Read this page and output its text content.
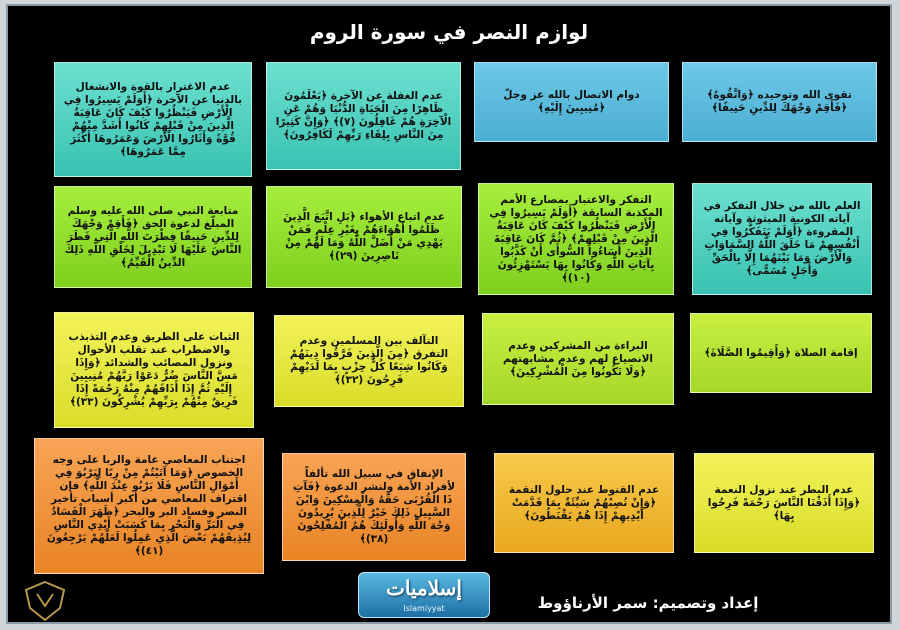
لوازم النصر في سورة الروم
تقوى الله وتوحيده ﴿وَاتَّقُوهُ﴾ ﴿فَأَقِمْ وَجْهَكَ لِلدِّينِ حَنِيفًا﴾
دوام الاتصال بالله عز وجلّ ﴿مُنِيبِينَ إِلَيْهِ﴾
عدم الغفلة عن الآخرة ﴿يَعْلَمُونَ ظَاهِرًا مِنَ الْحَيَاةِ الدُّنْيَا وَهُمْ عَنِ الْآخِرَةِ هُمْ غَافِلُونَ (٧)﴾ ﴿وَإِنَّ كَثِيرًا مِنَ النَّاسِ بِلِقَاءِ رَبِّهِمْ لَكَافِرُونَ﴾
عدم الاغترار بالقوة والانشغال بالدنيا عن الآخرة ﴿أَوَلَمْ يَسِيرُوا فِي الْأَرْضِ فَيَنْظُرُوا كَيْفَ كَانَ عَاقِبَةُ الَّذِينَ مِنْ قَبْلِهِمْ كَانُوا أَشَدَّ مِنْهُمْ قُوَّةً وَأَثَارُوا الْأَرْضَ وَعَمَرُوهَا أَكْثَرَ مِمَّا عَمَرُوهَا﴾
العلم بالله من خلال التفكر في آياته الكونية المبثوثة وآياته المقروءة ﴿أَوَلَمْ يَتَفَكَّرُوا فِي أَنْفُسِهِمْ مَا خَلَقَ اللَّهُ السَّمَاوَاتِ وَالْأَرْضَ وَمَا بَيْنَهُمَا إِلَّا بِالْحَقِّ وَأَجَلٍ مُسَمًّى﴾
التفكر والاعتبار بمصارع الأمم المكذبة السابقة ﴿أَوَلَمْ يَسِيرُوا فِي الْأَرْضِ فَيَنْظُرُوا كَيْفَ كَانَ عَاقِبَةُ الَّذِينَ مِنْ قَبْلِهِمْ﴾ ﴿ثُمَّ كَانَ عَاقِبَةَ الَّذِينَ أَسَاءُوا السُّوأَى أَنْ كَذَّبُوا بِآيَاتِ اللَّهِ وَكَانُوا بِهَا يَسْتَهْزِئُونَ (١٠)﴾
عدم اتباع الأهواء ﴿بَلِ اتَّبَعَ الَّذِينَ ظَلَمُوا أَهْوَاءَهُمْ بِغَيْرِ عِلْمٍ فَمَنْ يَهْدِي مَنْ أَضَلَّ اللَّهُ وَمَا لَهُمْ مِنْ نَاصِرِينَ (٢٩)﴾
متابعة النبي صلى الله عليه وسلم المبلّغ لدعوة الحق ﴿فَأَقِمْ وَجْهَكَ لِلدِّينِ حَنِيفًا فِطْرَتَ اللَّهِ الَّتِي فَطَرَ النَّاسَ عَلَيْهَا لَا تَبْدِيلَ لِخَلْقِ اللَّهِ ذَلِكَ الدِّينُ الْقَيِّمُ﴾
إقامة الصلاة ﴿وَأَقِيمُوا الصَّلَاةَ﴾
البراءة من المشركين وعدم الانصياع لهم وعدم مشابهتهم ﴿وَلَا تَكُونُوا مِنَ الْمُشْرِكِينَ﴾
التآلف بين المسلمين وعدم التفرق ﴿مِنَ الَّذِينَ فَرَّقُوا دِينَهُمْ وَكَانُوا شِيَعًا كُلُّ حِزْبٍ بِمَا لَدَيْهِمْ فَرِحُونَ (٣٢)﴾
الثبات على الطريق وعدم التذبذب والاضطراب عند تقلب الأحوال ونزول المصائب والشدائد ﴿وَإِذَا مَسَّ النَّاسَ ضُرٌّ دَعَوْا رَبَّهُمْ مُنِيبِينَ إِلَيْهِ ثُمَّ إِذَا أَذَاقَهُمْ مِنْهُ رَحْمَةً إِذَا فَرِيقٌ مِنْهُمْ بِرَبِّهِمْ يُشْرِكُونَ (٣٣)﴾
عدم البطر عند نزول النعمة ﴿وَإِذَا أَذَقْنَا النَّاسَ رَحْمَةً فَرِحُوا بِهَا﴾
عدم القنوط عند حلول النقمة ﴿وَإِنْ تُصِبْهُمْ سَيِّئَةٌ بِمَا قَدَّمَتْ أَيْدِيهِمْ إِذَا هُمْ يَقْنَطُونَ﴾
الإنفاق في سبيل الله تألفاً لأفراد الأمة ولنشر الدعوة ﴿فَآتِ ذَا الْقُرْبَى حَقَّهُ وَالْمِسْكِينَ وَابْنَ السَّبِيلِ ذَلِكَ خَيْرٌ لِلَّذِينَ يُرِيدُونَ وَجْهَ اللَّهِ وَأُولَئِكَ هُمُ الْمُفْلِحُونَ (٣٨)﴾
اجتناب المعاصي عامة والربا على وجه الخصوص ﴿وَمَا آتَيْتُمْ مِنْ رِبًا لِيَرْبُوَ فِي أَمْوَالِ النَّاسِ فَلَا يَرْبُو عِنْدَ اللَّهِ﴾ فإن اقتراف المعاصي من أكبر أسباب تأخير النصر وفساد البر والبحر ﴿ظَهَرَ الْفَسَادُ فِي الْبَرِّ وَالْبَحْرِ بِمَا كَسَبَتْ أَيْدِي النَّاسِ لِيُذِيقَهُمْ بَعْضَ الَّذِي عَمِلُوا لَعَلَّهُمْ يَرْجِعُونَ (٤١)﴾
إسلاميات
Islamiyyat	إعداد وتصميم: سمر الأرناؤوط
